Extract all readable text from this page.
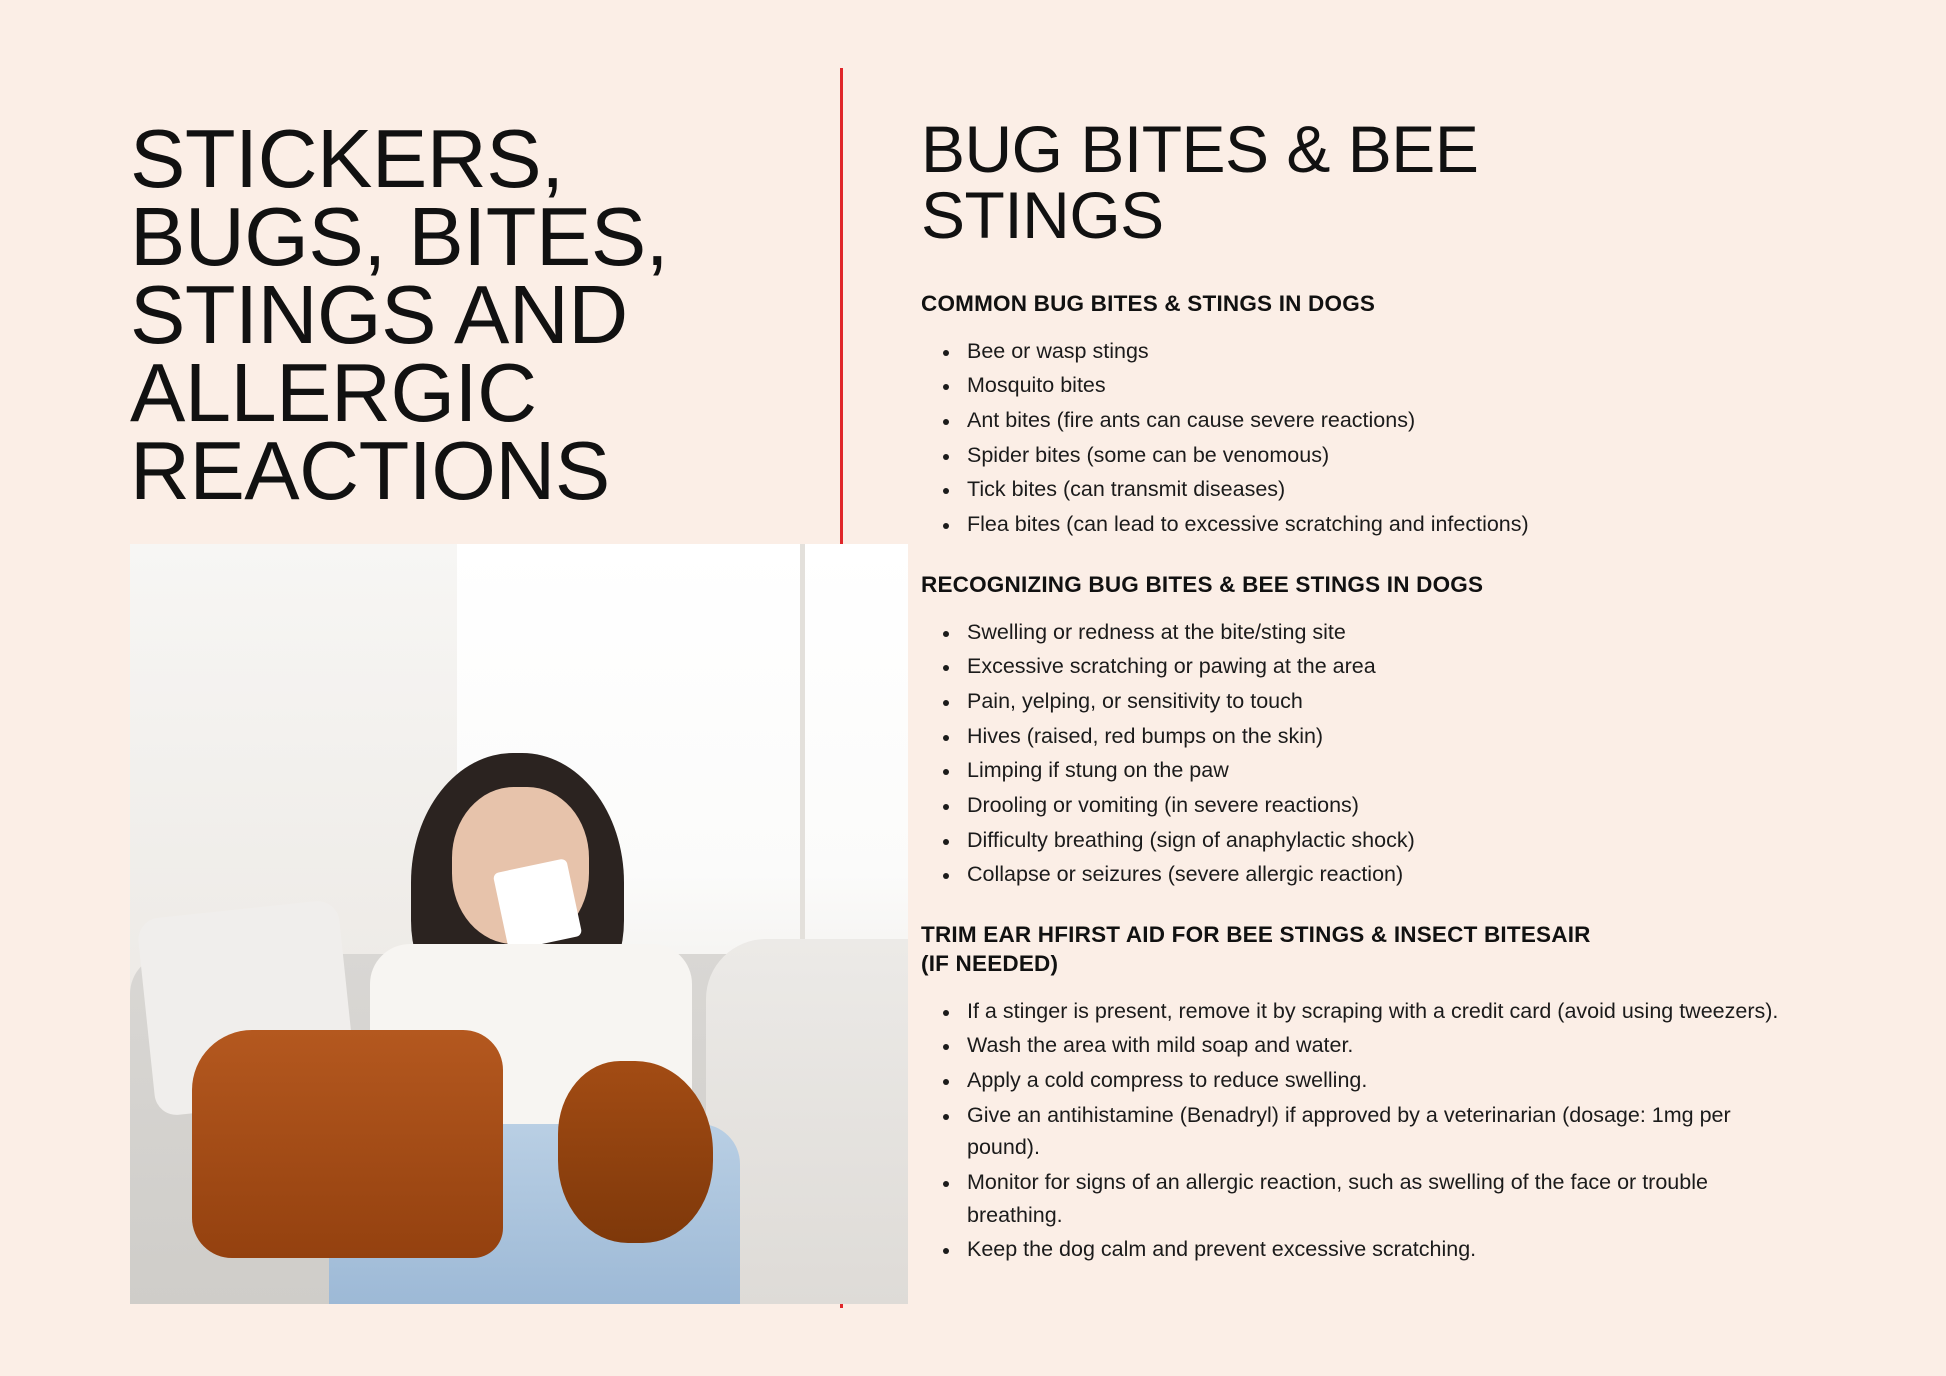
STICKERS, BUGS, BITES, STINGS AND ALLERGIC REACTIONS
BUG BITES & BEE STINGS
COMMON BUG BITES & STINGS IN DOGS
• Bee or wasp stings
• Mosquito bites
• Ant bites (fire ants can cause severe reactions)
• Spider bites (some can be venomous)
• Tick bites (can transmit diseases)
• Flea bites (can lead to excessive scratching and infections)
RECOGNIZING BUG BITES & BEE STINGS IN DOGS
• Swelling or redness at the bite/sting site
• Excessive scratching or pawing at the area
• Pain, yelping, or sensitivity to touch
• Hives (raised, red bumps on the skin)
• Limping if stung on the paw
• Drooling or vomiting (in severe reactions)
• Difficulty breathing (sign of anaphylactic shock)
• Collapse or seizures (severe allergic reaction)
TRIM EAR HFIRST AID FOR BEE STINGS & INSECT BITESAIR (IF NEEDED)
• If a stinger is present, remove it by scraping with a credit card (avoid using tweezers).
• Wash the area with mild soap and water.
• Apply a cold compress to reduce swelling.
• Give an antihistamine (Benadryl) if approved by a veterinarian (dosage: 1mg per pound).
• Monitor for signs of an allergic reaction, such as swelling of the face or trouble breathing.
• Keep the dog calm and prevent excessive scratching.
